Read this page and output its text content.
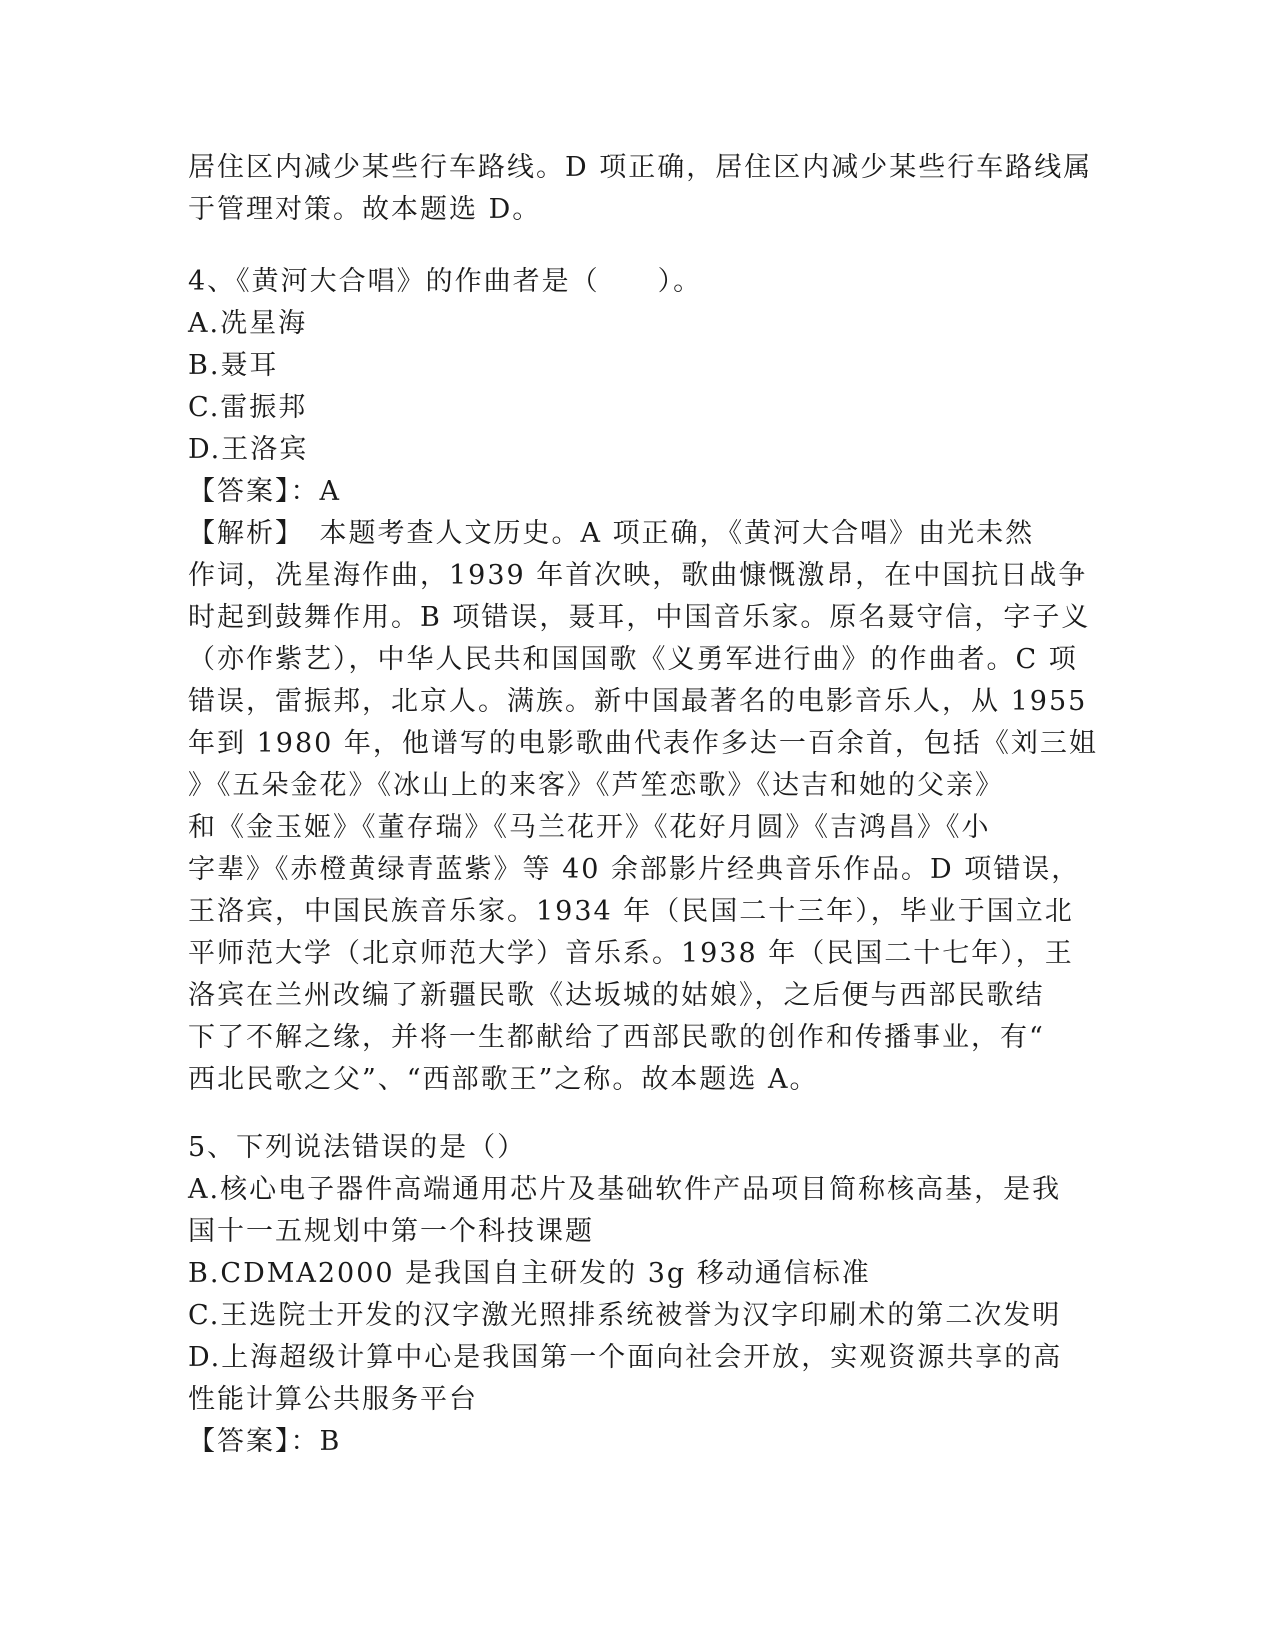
居住区内减少某些行车路线。D 项正确，居住区内减少某些行车路线属
于管理对策。故本题选 D。
4、《黄河大合唱》的作曲者是（　　）。
A.冼星海
B.聂耳
C.雷振邦
D.王洛宾
【答案】：A
【解析】　本题考查人文历史。A 项正确，《黄河大合唱》由光未然
作词，冼星海作曲，1939 年首次映，歌曲慷慨激昂，在中国抗日战争
时起到鼓舞作用。B 项错误，聂耳，中国音乐家。原名聂守信，字子义
（亦作紫艺），中华人民共和国国歌《义勇军进行曲》的作曲者。C 项
错误，雷振邦，北京人。满族。新中国最著名的电影音乐人，从 1955
年到 1980 年，他谱写的电影歌曲代表作多达一百余首，包括《刘三姐
》《五朵金花》《冰山上的来客》《芦笙恋歌》《达吉和她的父亲》
和《金玉姬》《董存瑞》《马兰花开》《花好月圆》《吉鸿昌》《小
字辈》《赤橙黄绿青蓝紫》等 40 余部影片经典音乐作品。D 项错误，
王洛宾，中国民族音乐家。1934 年（民国二十三年），毕业于国立北
平师范大学（北京师范大学）音乐系。1938 年（民国二十七年），王
洛宾在兰州改编了新疆民歌《达坂城的姑娘》，之后便与西部民歌结
下了不解之缘，并将一生都献给了西部民歌的创作和传播事业，有“
西北民歌之父”、“西部歌王”之称。故本题选 A。
5、下列说法错误的是（）
A.核心电子器件高端通用芯片及基础软件产品项目简称核高基，是我
国十一五规划中第一个科技课题
B.CDMA2000 是我国自主研发的 3g 移动通信标准
C.王选院士开发的汉字激光照排系统被誉为汉字印刷术的第二次发明
D.上海超级计算中心是我国第一个面向社会开放，实观资源共享的高
性能计算公共服务平台
【答案】：B
